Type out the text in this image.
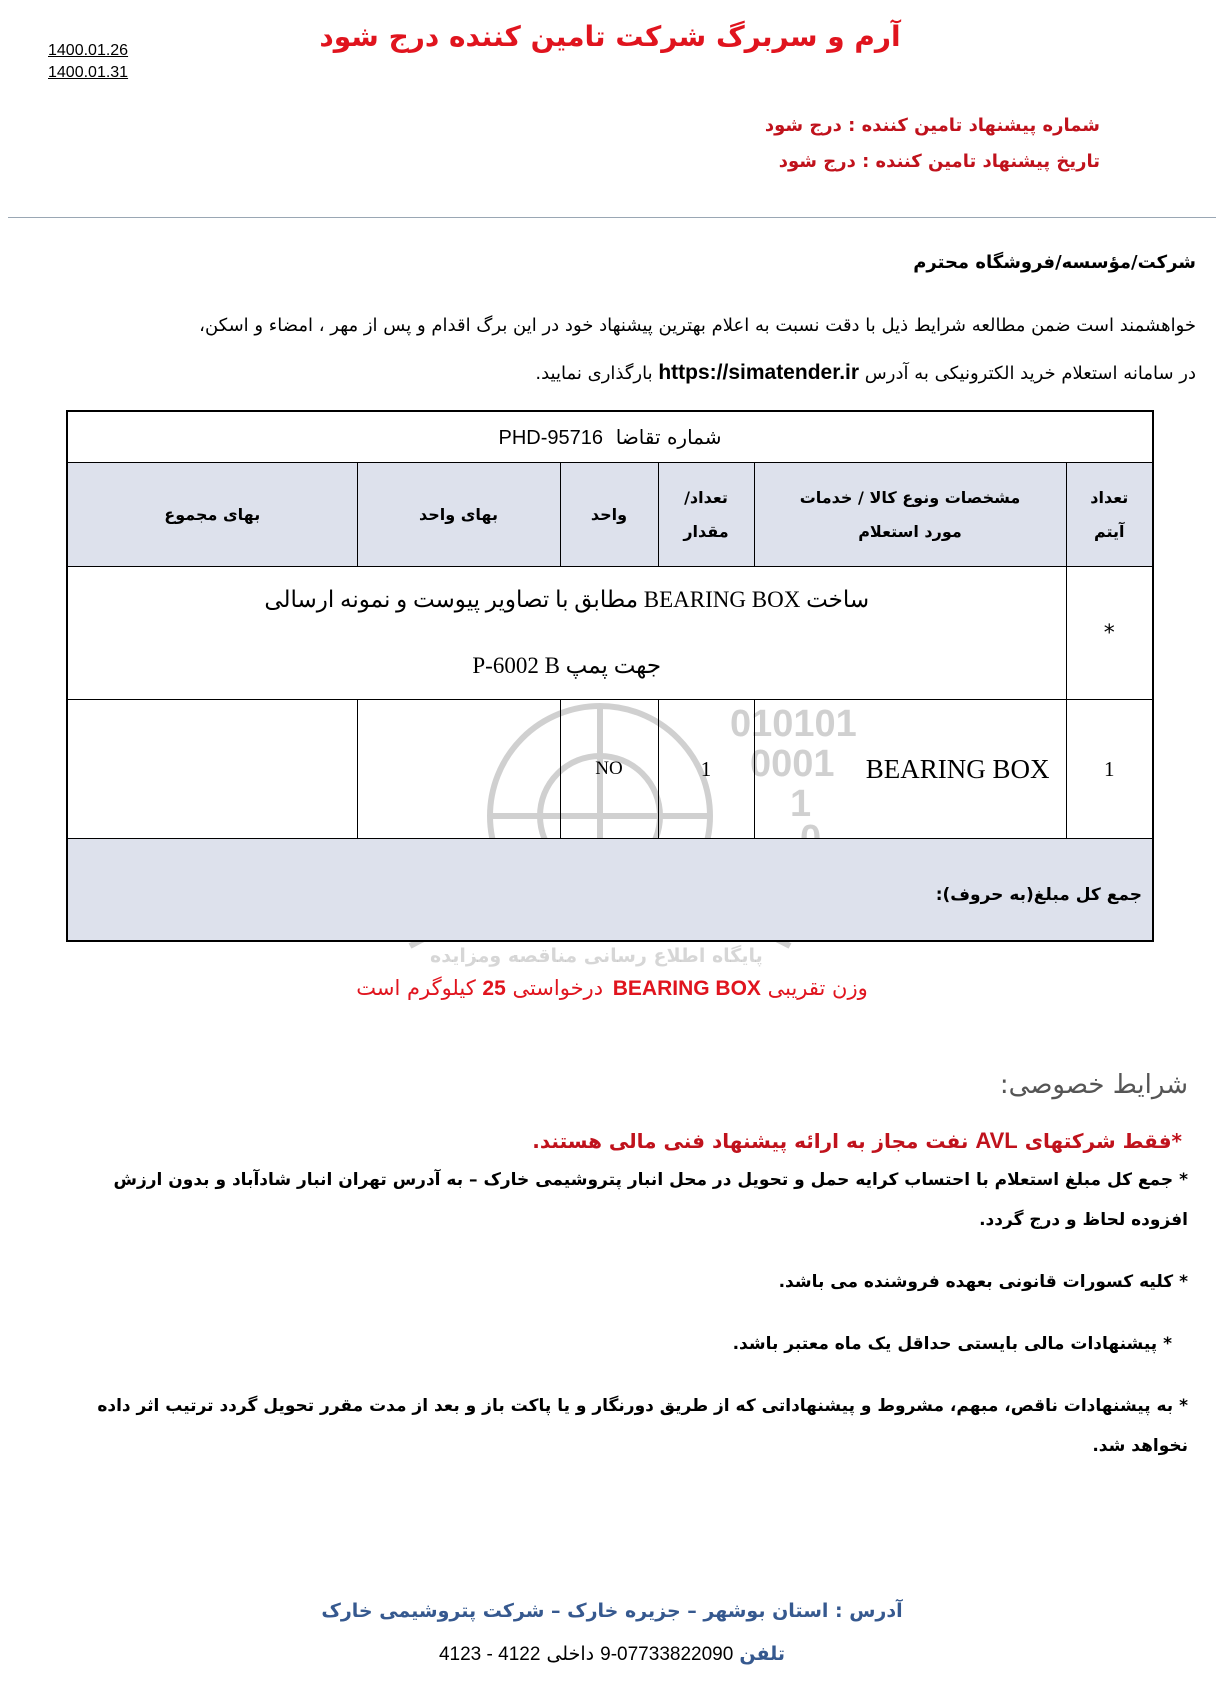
1400.01.26
1400.01.31
آرم و سربرگ شرکت تامین کننده درج شود
شماره پیشنهاد تامین کننده : درج شود
تاریخ پیشنهاد تامین کننده : درج شود
شرکت/مؤسسه/فروشگاه محترم
خواهشمند است ضمن مطالعه شرایط ذیل با دقت نسبت به اعلام بهترین پیشنهاد خود در این برگ اقدام و پس از مهر ، امضاء و اسکن،
در سامانه استعلام خرید الکترونیکی به آدرس https://simatender.ir بارگذاری نمایید.
010101
0001
1
پایگاه اطلاع رسانی مناقصه ومزایده
شماره تقاضا  PHD-95716					
تعداد آیتم	مشخصات ونوع کالا / خدمات مورد استعلام	تعداد/ مقدار	واحد	بهای واحد	بهای مجموع
*	ساخت BEARING BOX مطابق با تصاویر پیوست و نمونه ارسالی
جهت پمپ P-6002 B				

1	BEARING BOX	1	NO		

جمع کل مبلغ(به حروف):					
وزن تقریبی BEARING BOX درخواستی 25 کیلوگرم است
شرایط خصوصی:
*فقط شرکتهای AVL نفت مجاز به ارائه پیشنهاد فنی مالی هستند.

* جمع کل مبلغ استعلام با احتساب کرایه حمل و تحویل در محل انبار پتروشیمی خارک – به آدرس تهران انبار شادآباد و بدون ارزش افزوده لحاظ و درج گردد.

* کلیه کسورات قانونی بعهده فروشنده می باشد.

* پیشنهادات مالی بایستی حداقل یک ماه معتبر باشد.

* به پیشنهادات ناقص، مبهم، مشروط و پیشنهاداتی که از طریق دورنگار و یا پاکت باز و بعد از مدت مقرر تحویل گردد ترتیب اثر داده نخواهد شد.

آدرس : استان بوشهر – جزیره خارک – شرکت پتروشیمی خارک
تلفن 07733822090-9 داخلی 4122 - 4123
